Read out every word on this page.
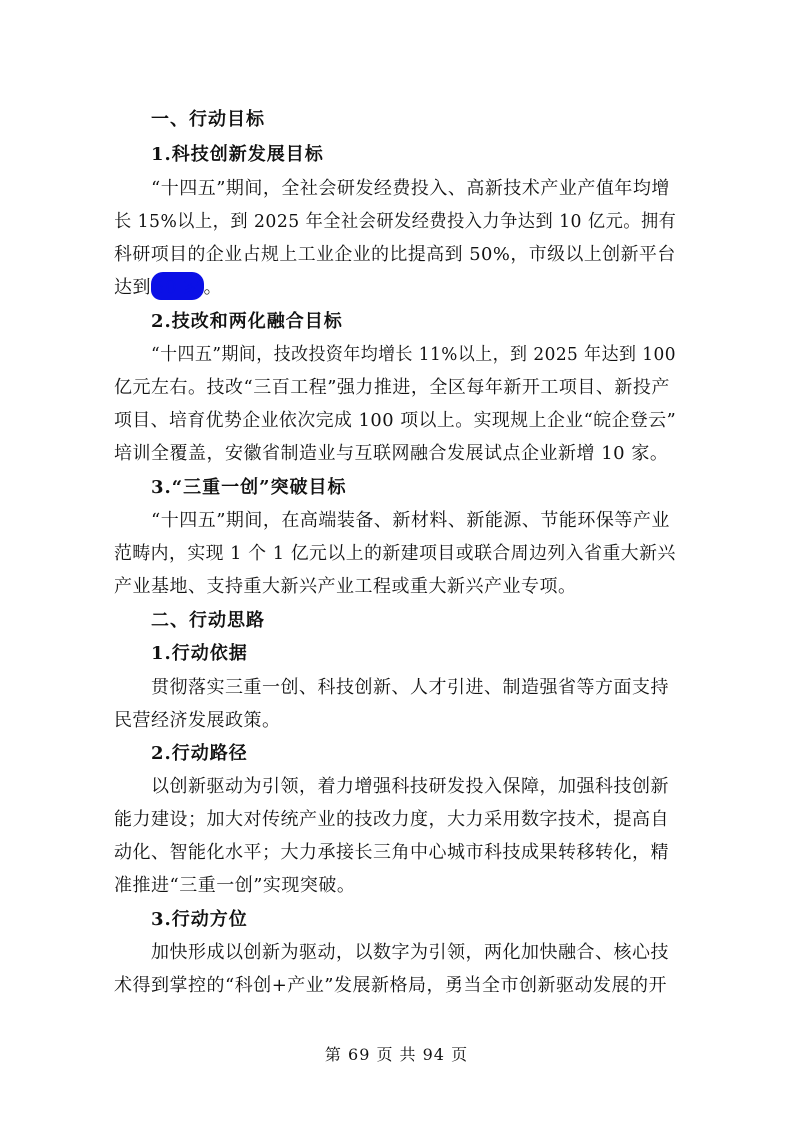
一、行动目标
1.科技创新发展目标
“十四五”期间，全社会研发经费投入、高新技术产业产值年均增
长 15%以上，到 2025 年全社会研发经费投入力争达到 10 亿元。拥有
科研项目的企业占规上工业企业的比提高到 50%，市级以上创新平台
达到 50 家 。
2.技改和两化融合目标
“十四五”期间，技改投资年均增长 11%以上，到 2025 年达到 100
亿元左右。技改“三百工程”强力推进，全区每年新开工项目、新投产
项目、培育优势企业依次完成 100 项以上。实现规上企业“皖企登云”
培训全覆盖，安徽省制造业与互联网融合发展试点企业新增 10 家。
3.“三重一创”突破目标
“十四五”期间，在高端装备、新材料、新能源、节能环保等产业
范畴内，实现 1 个 1 亿元以上的新建项目或联合周边列入省重大新兴
产业基地、支持重大新兴产业工程或重大新兴产业专项。
二、行动思路
1.行动依据
贯彻落实三重一创、科技创新、人才引进、制造强省等方面支持
民营经济发展政策。
2.行动路径
以创新驱动为引领，着力增强科技研发投入保障，加强科技创新
能力建设；加大对传统产业的技改力度，大力采用数字技术，提高自
动化、智能化水平；大力承接长三角中心城市科技成果转移转化，精
准推进“三重一创”实现突破。
3.行动方位
加快形成以创新为驱动，以数字为引领，两化加快融合、核心技
术得到掌控的“科创+产业”发展新格局，勇当全市创新驱动发展的开
第 69 页 共 94 页
